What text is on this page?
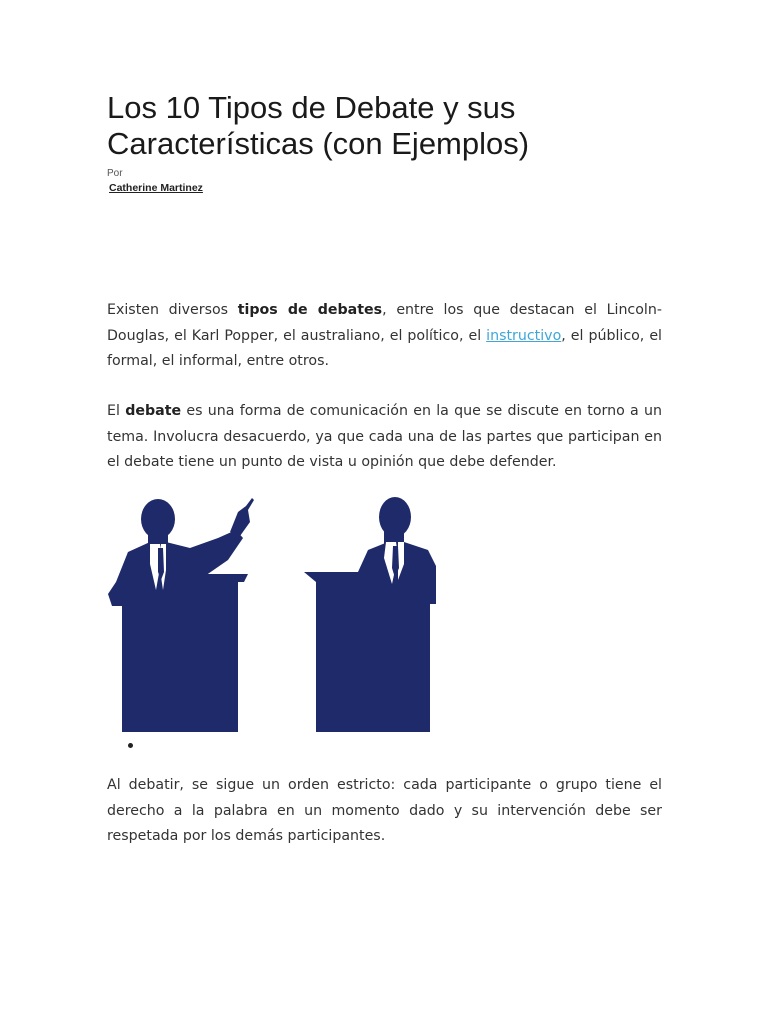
Los 10 Tipos de Debate y sus Características (con Ejemplos)
Por
Catherine Martinez

Existen diversos tipos de debates, entre los que destacan el Lincoln-Douglas, el Karl Popper, el australiano, el político, el instructivo, el público, el formal, el informal, entre otros.

El debate es una forma de comunicación en la que se discute en torno a un tema. Involucra desacuerdo, ya que cada una de las partes que participan en el debate tiene un punto de vista u opinión que debe defender.

Al debatir, se sigue un orden estricto: cada participante o grupo tiene el derecho a la palabra en un momento dado y su intervención debe ser respetada por los demás participantes.
